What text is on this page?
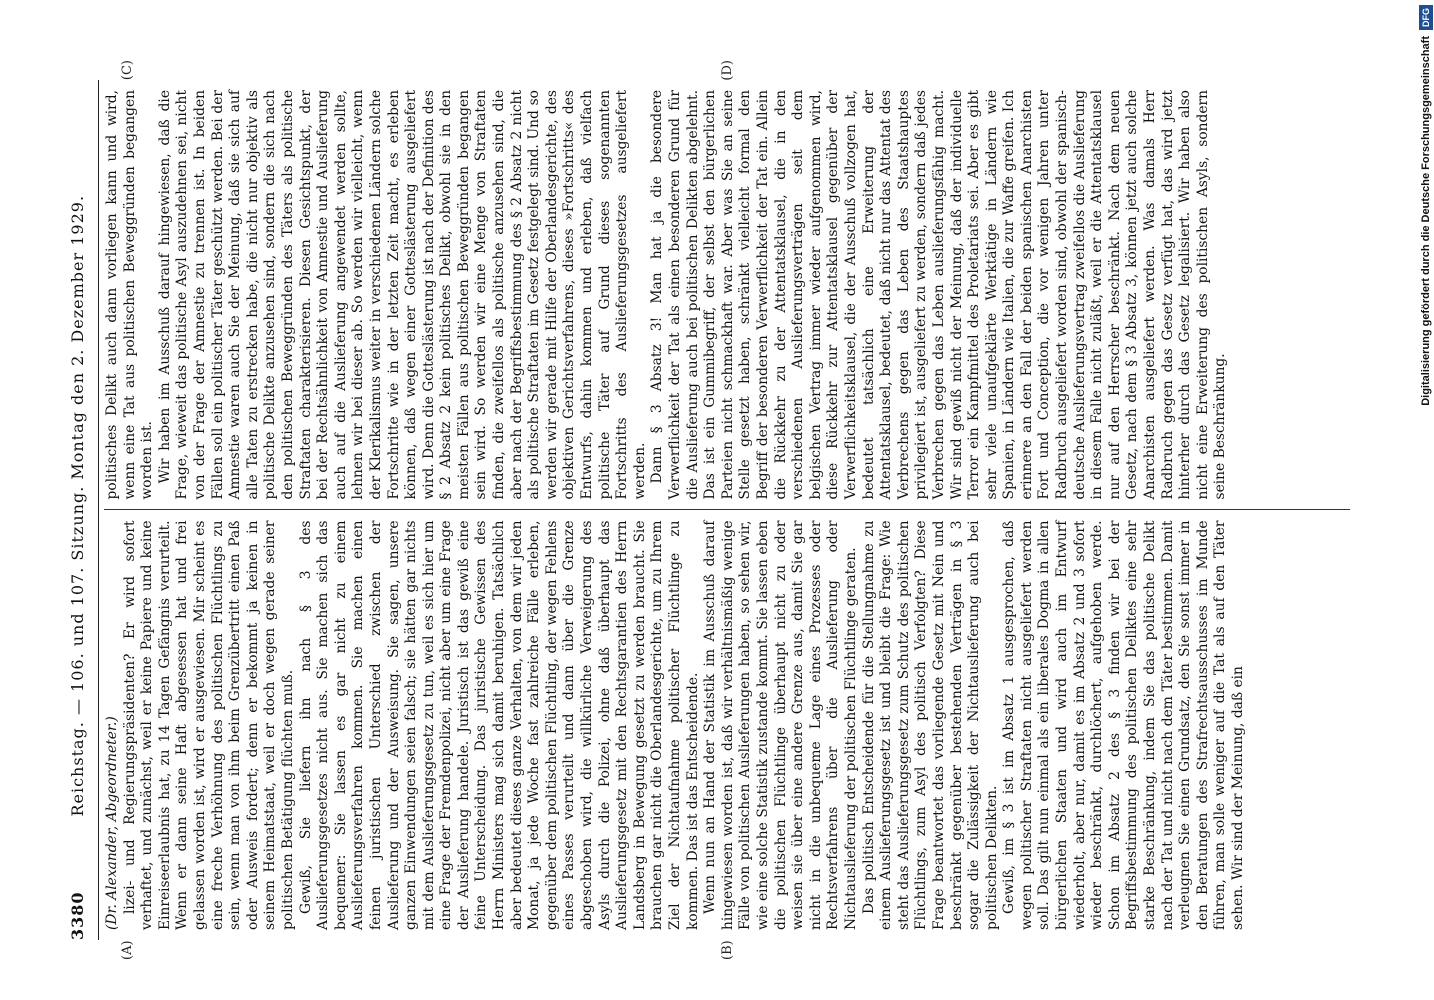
3380
Reichstag. — 106. und 107. Sitzung. Montag den 2. Dezember 1929.

(Dr. Alexander, Abgeordneter.) lizei- und Regierungspräsidenten? Er wird sofort verhaftet, und zunächst, weil er keine Papiere und keine Einreiseerlaubnis hat, zu 14 Tagen Gefängnis verurteilt. Wenn er dann seine Haft abgesessen hat und frei gelassen worden ist, wird er ausgewiesen. Mir scheint es eine freche Verhöhnung des politischen Flüchtlings zu sein, wenn man von ihm beim Grenzübertritt einen Paß oder Ausweis fordert; denn er bekommt ja keinen in seinem Heimatstaat, weil er doch wegen gerade seiner politischen Betätigung flüchten muß. Gewiß, Sie liefern ihn nach § 3 des Auslieferungsgesetzes nicht aus. Sie machen sich das bequemer: Sie lassen es gar nicht zu einem Auslieferungsverfahren kommen. Sie machen einen feinen juristischen Unterschied zwischen der Auslieferung und der Ausweisung. Sie sagen, unsere ganzen Einwendungen seien falsch; sie hätten gar nichts mit dem Auslieferungsgesetz zu tun, weil es sich hier um eine Frage der Fremdenpolizei, nicht aber um eine Frage der Auslieferung handele. Juristisch ist das gewiß eine feine Unterscheidung. Das juristische Gewissen des Herrn Ministers mag sich damit beruhigen. Tatsächlich aber bedeutet dieses ganze Verhalten, von dem wir jeden Monat, ja jede Woche fast zahlreiche Fälle erleben, gegenüber dem politischen Flüchtling, der wegen Fehlens eines Passes verurteilt und dann über die Grenze abgeschoben wird, die willkürliche Verweigerung des Asyls durch die Polizei, ohne daß überhaupt das Auslieferungsgesetz mit den Rechtsgarantien des Herrn Landsberg in Bewegung gesetzt zu werden braucht. Sie brauchen gar nicht die Oberlandesgerichte, um zu Ihrem Ziel der Nichtaufnahme politischer Flüchtlinge zu kommen. Das ist das Entscheidende. Wenn nun an Hand der Statistik im Ausschuß darauf hingewiesen worden ist, daß wir verhältnismäßig wenige Fälle von politischen Auslieferungen haben, so sehen wir, wie eine solche Statistik zustande kommt. Sie lassen eben die politischen Flüchtlinge überhaupt nicht zu oder weisen sie über eine andere Grenze aus, damit Sie gar nicht in die unbequeme Lage eines Prozesses oder Rechtsverfahrens über die Auslieferung oder Nichtauslieferung der politischen Flüchtlinge geraten. Das politisch Entscheidende für die Stellungnahme zu einem Auslieferungsgesetz ist und bleibt die Frage: Wie steht das Auslieferungsgesetz zum Schutz des politischen Flüchtlings, zum Asyl des politisch Verfolgten? Diese Frage beantwortet das vorliegende Gesetz mit Nein und beschränkt gegenüber bestehenden Verträgen in § 3 sogar die Zulässigkeit der Nichtauslieferung auch bei politischen Delikten. Gewiß, im § 3 ist im Absatz 1 ausgesprochen, daß wegen politischer Straftaten nicht ausgeliefert werden soll. Das gilt nun einmal als ein liberales Dogma in allen bürgerlichen Staaten und wird auch im Entwurf wiederholt, aber nur, damit es im Absatz 2 und 3 sofort wieder beschränkt, durchlöchert, aufgehoben werde. Schon im Absatz 2 des § 3 finden wir bei der Begriffsbestimmung des politischen Deliktes eine sehr starke Beschränkung, indem Sie das politische Delikt nach der Tat und nicht nach dem Täter bestimmen. Damit verleugnen Sie einen Grundsatz, den Sie sonst immer in den Beratungen des Strafrechtsausschusses im Munde führen, man solle weniger auf die Tat als auf den Täter sehen. Wir sind der Meinung, daß ein

politisches Delikt auch dann vorliegen kann und wird, wenn eine Tat aus politischen Beweggründen begangen worden ist. Wir haben im Ausschuß darauf hingewiesen, daß die Frage, wieweit das politische Asyl auszudehnen sei, nicht von der Frage der Amnestie zu trennen ist. In beiden Fällen soll ein politischer Täter geschützt werden. Bei der Amnestie waren auch Sie der Meinung, daß sie sich auf alle Taten zu erstrecken habe, die nicht nur objektiv als politische Delikte anzusehen sind, sondern die sich nach den politischen Beweggründen des Täters als politische Straftaten charakterisieren. Diesen Gesichtspunkt, der bei der Rechtsähnlichkeit von Amnestie und Auslieferung auch auf die Auslieferung angewendet werden sollte, lehnen wir bei dieser ab. So werden wir vielleicht, wenn der Klerikalismus weiter in verschiedenen Ländern solche Fortschritte wie in der letzten Zeit macht, es erleben können, daß wegen einer Gotteslästerung ausgeliefert wird. Denn die Gotteslästerung ist nach der Definition des § 2 Absatz 2 kein politisches Delikt, obwohl sie in den meisten Fällen aus politischen Beweggründen begangen sein wird. So werden wir eine Menge von Straftaten finden, die zweifellos als politische anzusehen sind, die aber nach der Begriffsbestimmung des § 2 Absatz 2 nicht als politische Straftaten im Gesetz festgelegt sind. Und so werden wir gerade mit Hilfe der Oberlandesgerichte, des objektiven Gerichtsverfahrens, dieses »Fortschritts« des Entwurfs, dahin kommen und erleben, daß vielfach politische Täter auf Grund dieses sogenannten Fortschritts des Auslieferungsgesetzes ausgeliefert werden. Dann § 3 Absatz 3! Man hat ja die besondere Verwerflichkeit der Tat als einen besonderen Grund für die Auslieferung auch bei politischen Delikten abgelehnt. Das ist ein Gummibegriff, der selbst den bürgerlichen Parteien nicht schmackhaft war. Aber was Sie an seine Stelle gesetzt haben, schränkt vielleicht formal den Begriff der besonderen Verwerflichkeit der Tat ein. Allein die Rückkehr zu der Attentatsklausel, die in den verschiedenen Auslieferungsverträgen seit dem belgischen Vertrag immer wieder aufgenommen wird, diese Rückkehr zur Attentatsklausel gegenüber der Verwerflichkeitsklausel, die der Ausschuß vollzogen hat, bedeutet tatsächlich eine Erweiterung der Attentatsklausel, bedeutet, daß nicht nur das Attentat des Verbrechens gegen das Leben des Staatshauptes privilegiert ist, ausgeliefert zu werden, sondern daß jedes Verbrechen gegen das Leben auslieferungsfähig macht. Wir sind gewiß nicht der Meinung, daß der individuelle Terror ein Kampfmittel des Proletariats sei. Aber es gibt sehr viele unaufgeklärte Werktätige in Ländern wie Spanien, in Ländern wie Italien, die zur Waffe greifen. Ich erinnere an den Fall der beiden spanischen Anarchisten Fort und Conception, die vor wenigen Jahren unter Radbruch ausgeliefert worden sind, obwohl der spanisch-deutsche Auslieferungsvertrag zweifellos die Auslieferung in diesem Falle nicht zuläßt, weil er die Attentatsklausel nur auf den Herrscher beschränkt. Nach dem neuen Gesetz, nach dem § 3 Absatz 3, können jetzt auch solche Anarchisten ausgeliefert werden. Was damals Herr Radbruch gegen das Gesetz verfügt hat, das wird jetzt hinterher durch das Gesetz legalisiert. Wir haben also nicht eine Erweiterung des politischen Asyls, sondern seine Beschränkung.

(A)	(B)
(C)	(D)	Digitalisierung gefördert durch die Deutsche Forschungsgemeinschaft
DFG
